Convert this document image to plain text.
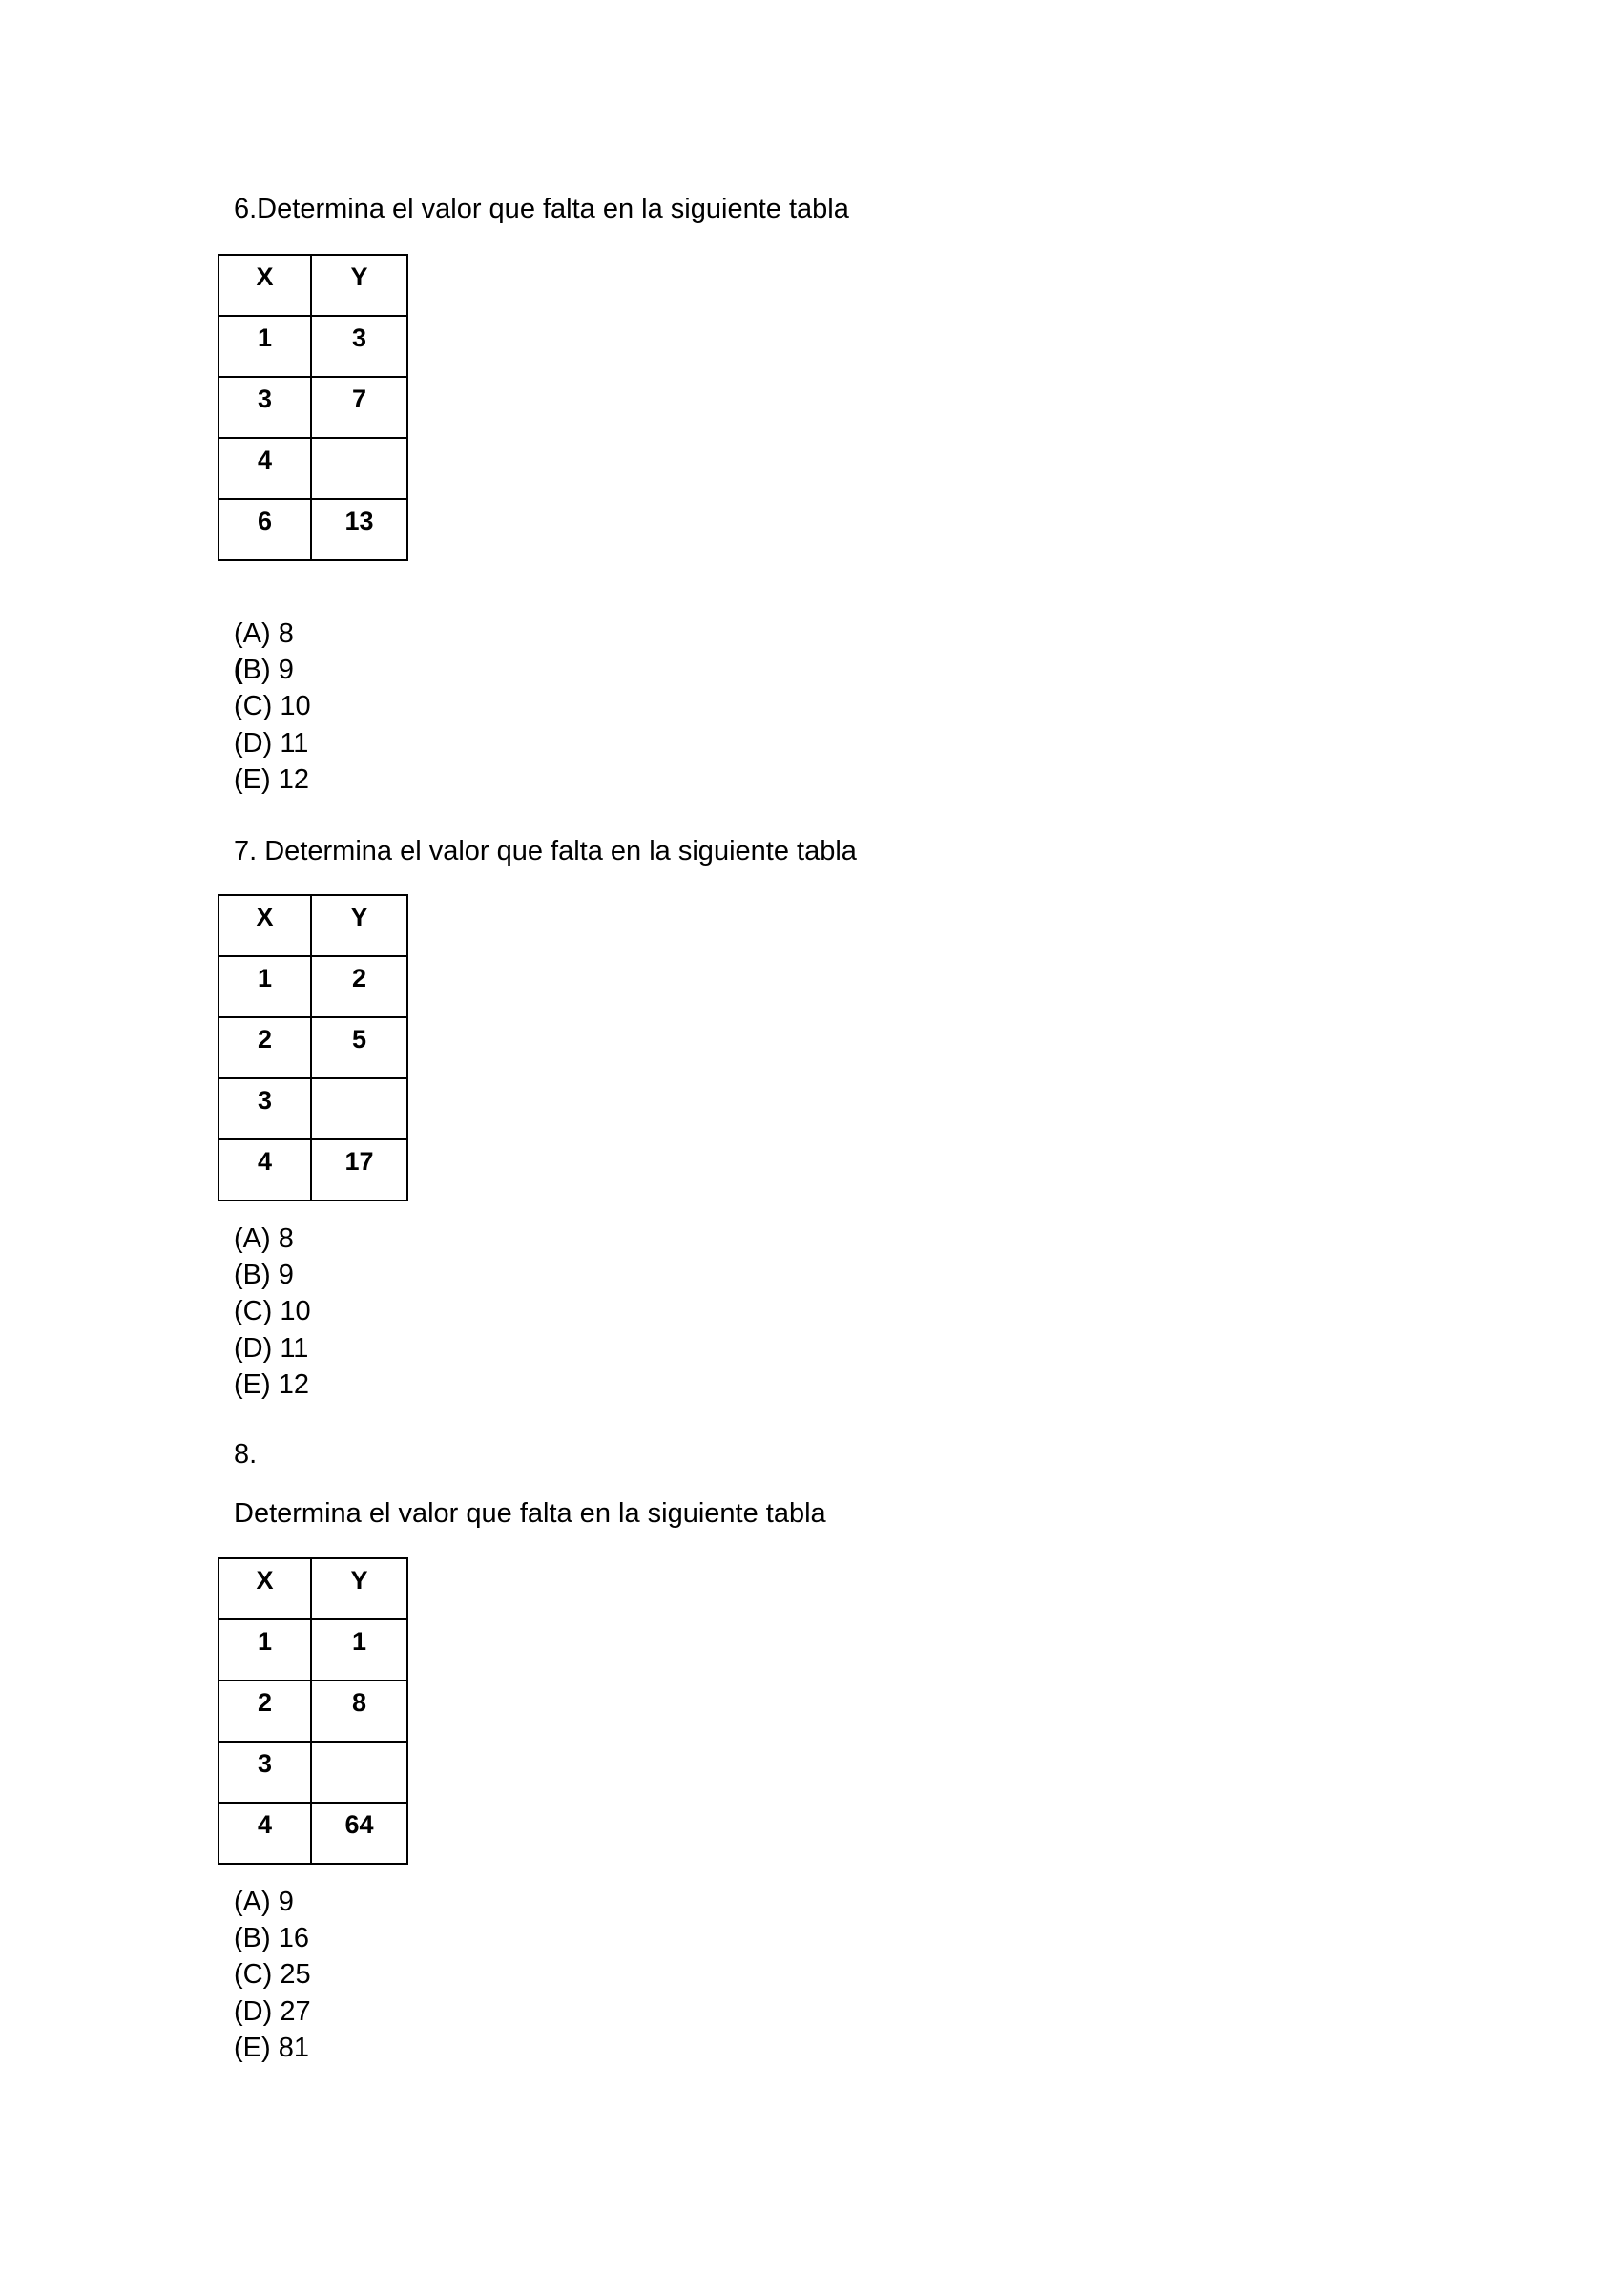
6.Determina el valor que falta en la siguiente tabla
X	Y
1	3
3	7
4	
6	13
(A) 8
(B) 9
(C) 10
(D) 11
(E) 12
7. Determina el valor que falta en la siguiente tabla
X	Y
1	2
2	5
3	
4	17
(A) 8
(B) 9
(C) 10
(D) 11
(E) 12
8.
Determina el valor que falta en la siguiente tabla
X	Y
1	1
2	8
3	
4	64
(A) 9
(B) 16
(C) 25
(D) 27
(E) 81
